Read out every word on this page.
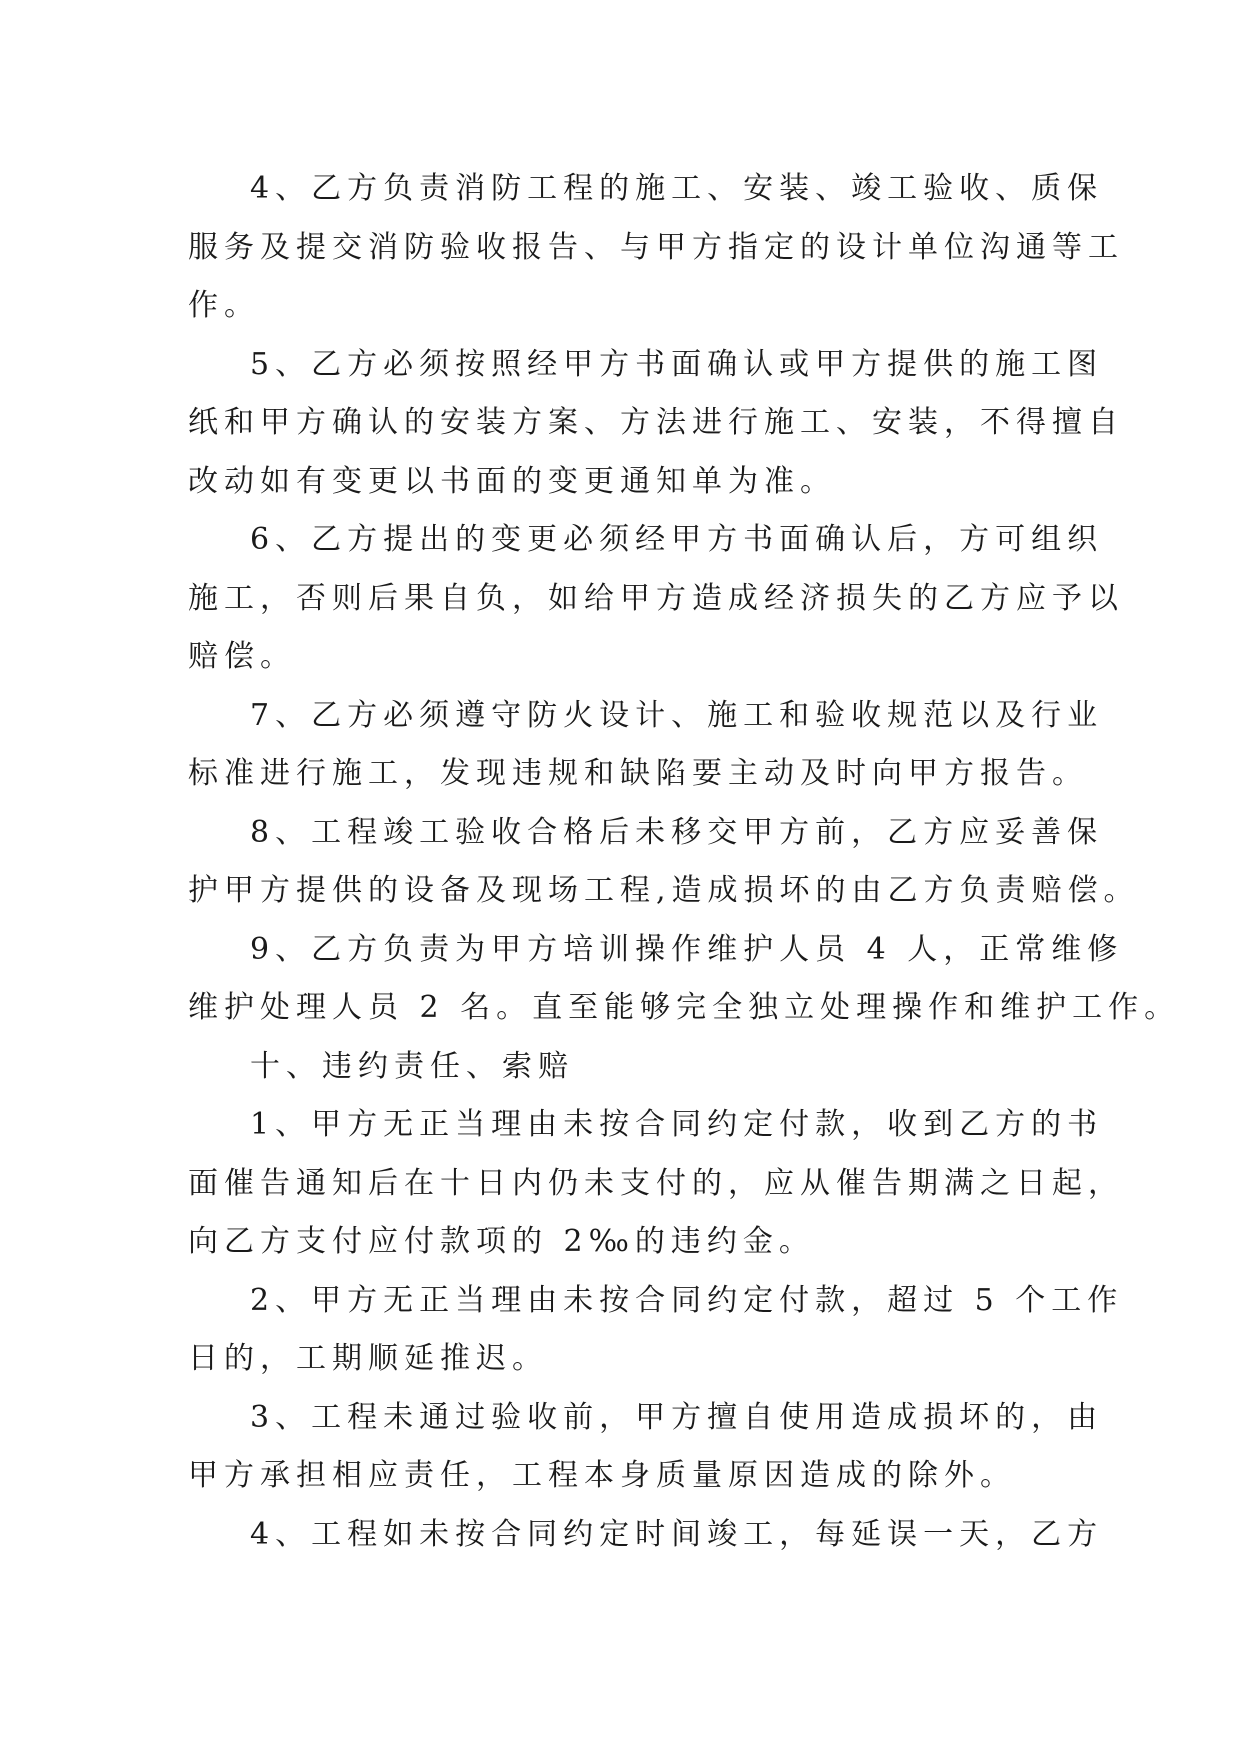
4、乙方负责消防工程的施工、安装、竣工验收、质保
服务及提交消防验收报告、与甲方指定的设计单位沟通等工
作。
5、乙方必须按照经甲方书面确认或甲方提供的施工图
纸和甲方确认的安装方案、方法进行施工、安装，不得擅自
改动如有变更以书面的变更通知单为准。
6、乙方提出的变更必须经甲方书面确认后，方可组织
施工，否则后果自负，如给甲方造成经济损失的乙方应予以
赔偿。
7、乙方必须遵守防火设计、施工和验收规范以及行业
标准进行施工，发现违规和缺陷要主动及时向甲方报告。
8、工程竣工验收合格后未移交甲方前，乙方应妥善保
护甲方提供的设备及现场工程,造成损坏的由乙方负责赔偿。
9、乙方负责为甲方培训操作维护人员 4 人，正常维修
维护处理人员 2 名。直至能够完全独立处理操作和维护工作。
十、违约责任、索赔
1、甲方无正当理由未按合同约定付款，收到乙方的书
面催告通知后在十日内仍未支付的，应从催告期满之日起，
向乙方支付应付款项的 2‰的违约金。
2、甲方无正当理由未按合同约定付款，超过 5 个工作
日的，工期顺延推迟。
3、工程未通过验收前，甲方擅自使用造成损坏的，由
甲方承担相应责任，工程本身质量原因造成的除外。
4、工程如未按合同约定时间竣工，每延误一天，乙方
